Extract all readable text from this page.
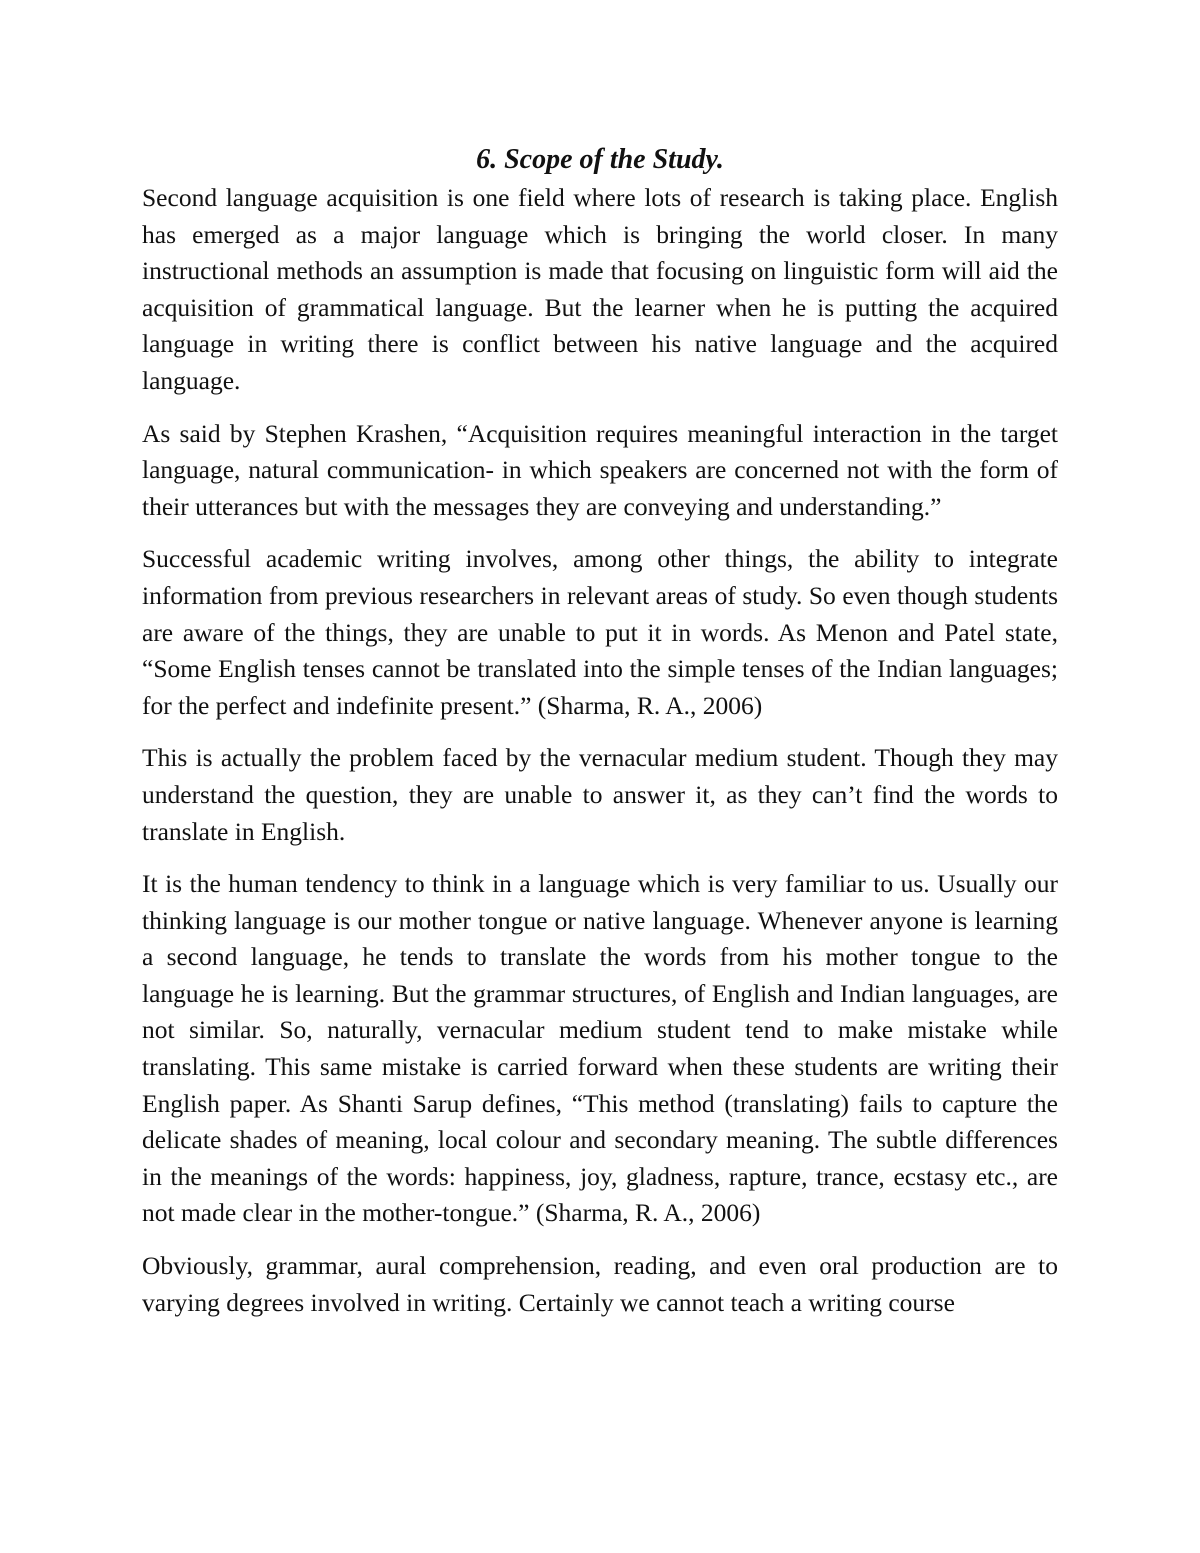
6. Scope of the Study.

Second language acquisition is one field where lots of research is taking place. English has emerged as a major language which is bringing the world closer. In many instructional methods an assumption is made that focusing on linguistic form will aid the acquisition of grammatical language. But the learner when he is putting the acquired language in writing there is conflict between his native language and the acquired language.

As said by Stephen Krashen, “Acquisition requires meaningful interaction in the target language, natural communication- in which speakers are concerned not with the form of their utterances but with the messages they are conveying and understanding.”

Successful academic writing involves, among other things, the ability to integrate information from previous researchers in relevant areas of study. So even though students are aware of the things, they are unable to put it in words. As Menon and Patel state, “Some English tenses cannot be translated into the simple tenses of the Indian languages; for the perfect and indefinite present.” (Sharma, R. A., 2006)

This is actually the problem faced by the vernacular medium student. Though they may understand the question, they are unable to answer it, as they can’t find the words to translate in English.

It is the human tendency to think in a language which is very familiar to us. Usually our thinking language is our mother tongue or native language. Whenever anyone is learning a second language, he tends to translate the words from his mother tongue to the language he is learning. But the grammar structures, of English and Indian languages, are not similar. So, naturally, vernacular medium student tend to make mistake while translating. This same mistake is carried forward when these students are writing their English paper. As Shanti Sarup defines, “This method (translating) fails to capture the delicate shades of meaning, local colour and secondary meaning. The subtle differences in the meanings of the words: happiness, joy, gladness, rapture, trance, ecstasy etc., are not made clear in the mother-tongue.” (Sharma, R. A., 2006)

Obviously, grammar, aural comprehension, reading, and even oral production are to varying degrees involved in writing. Certainly we cannot teach a writing course
